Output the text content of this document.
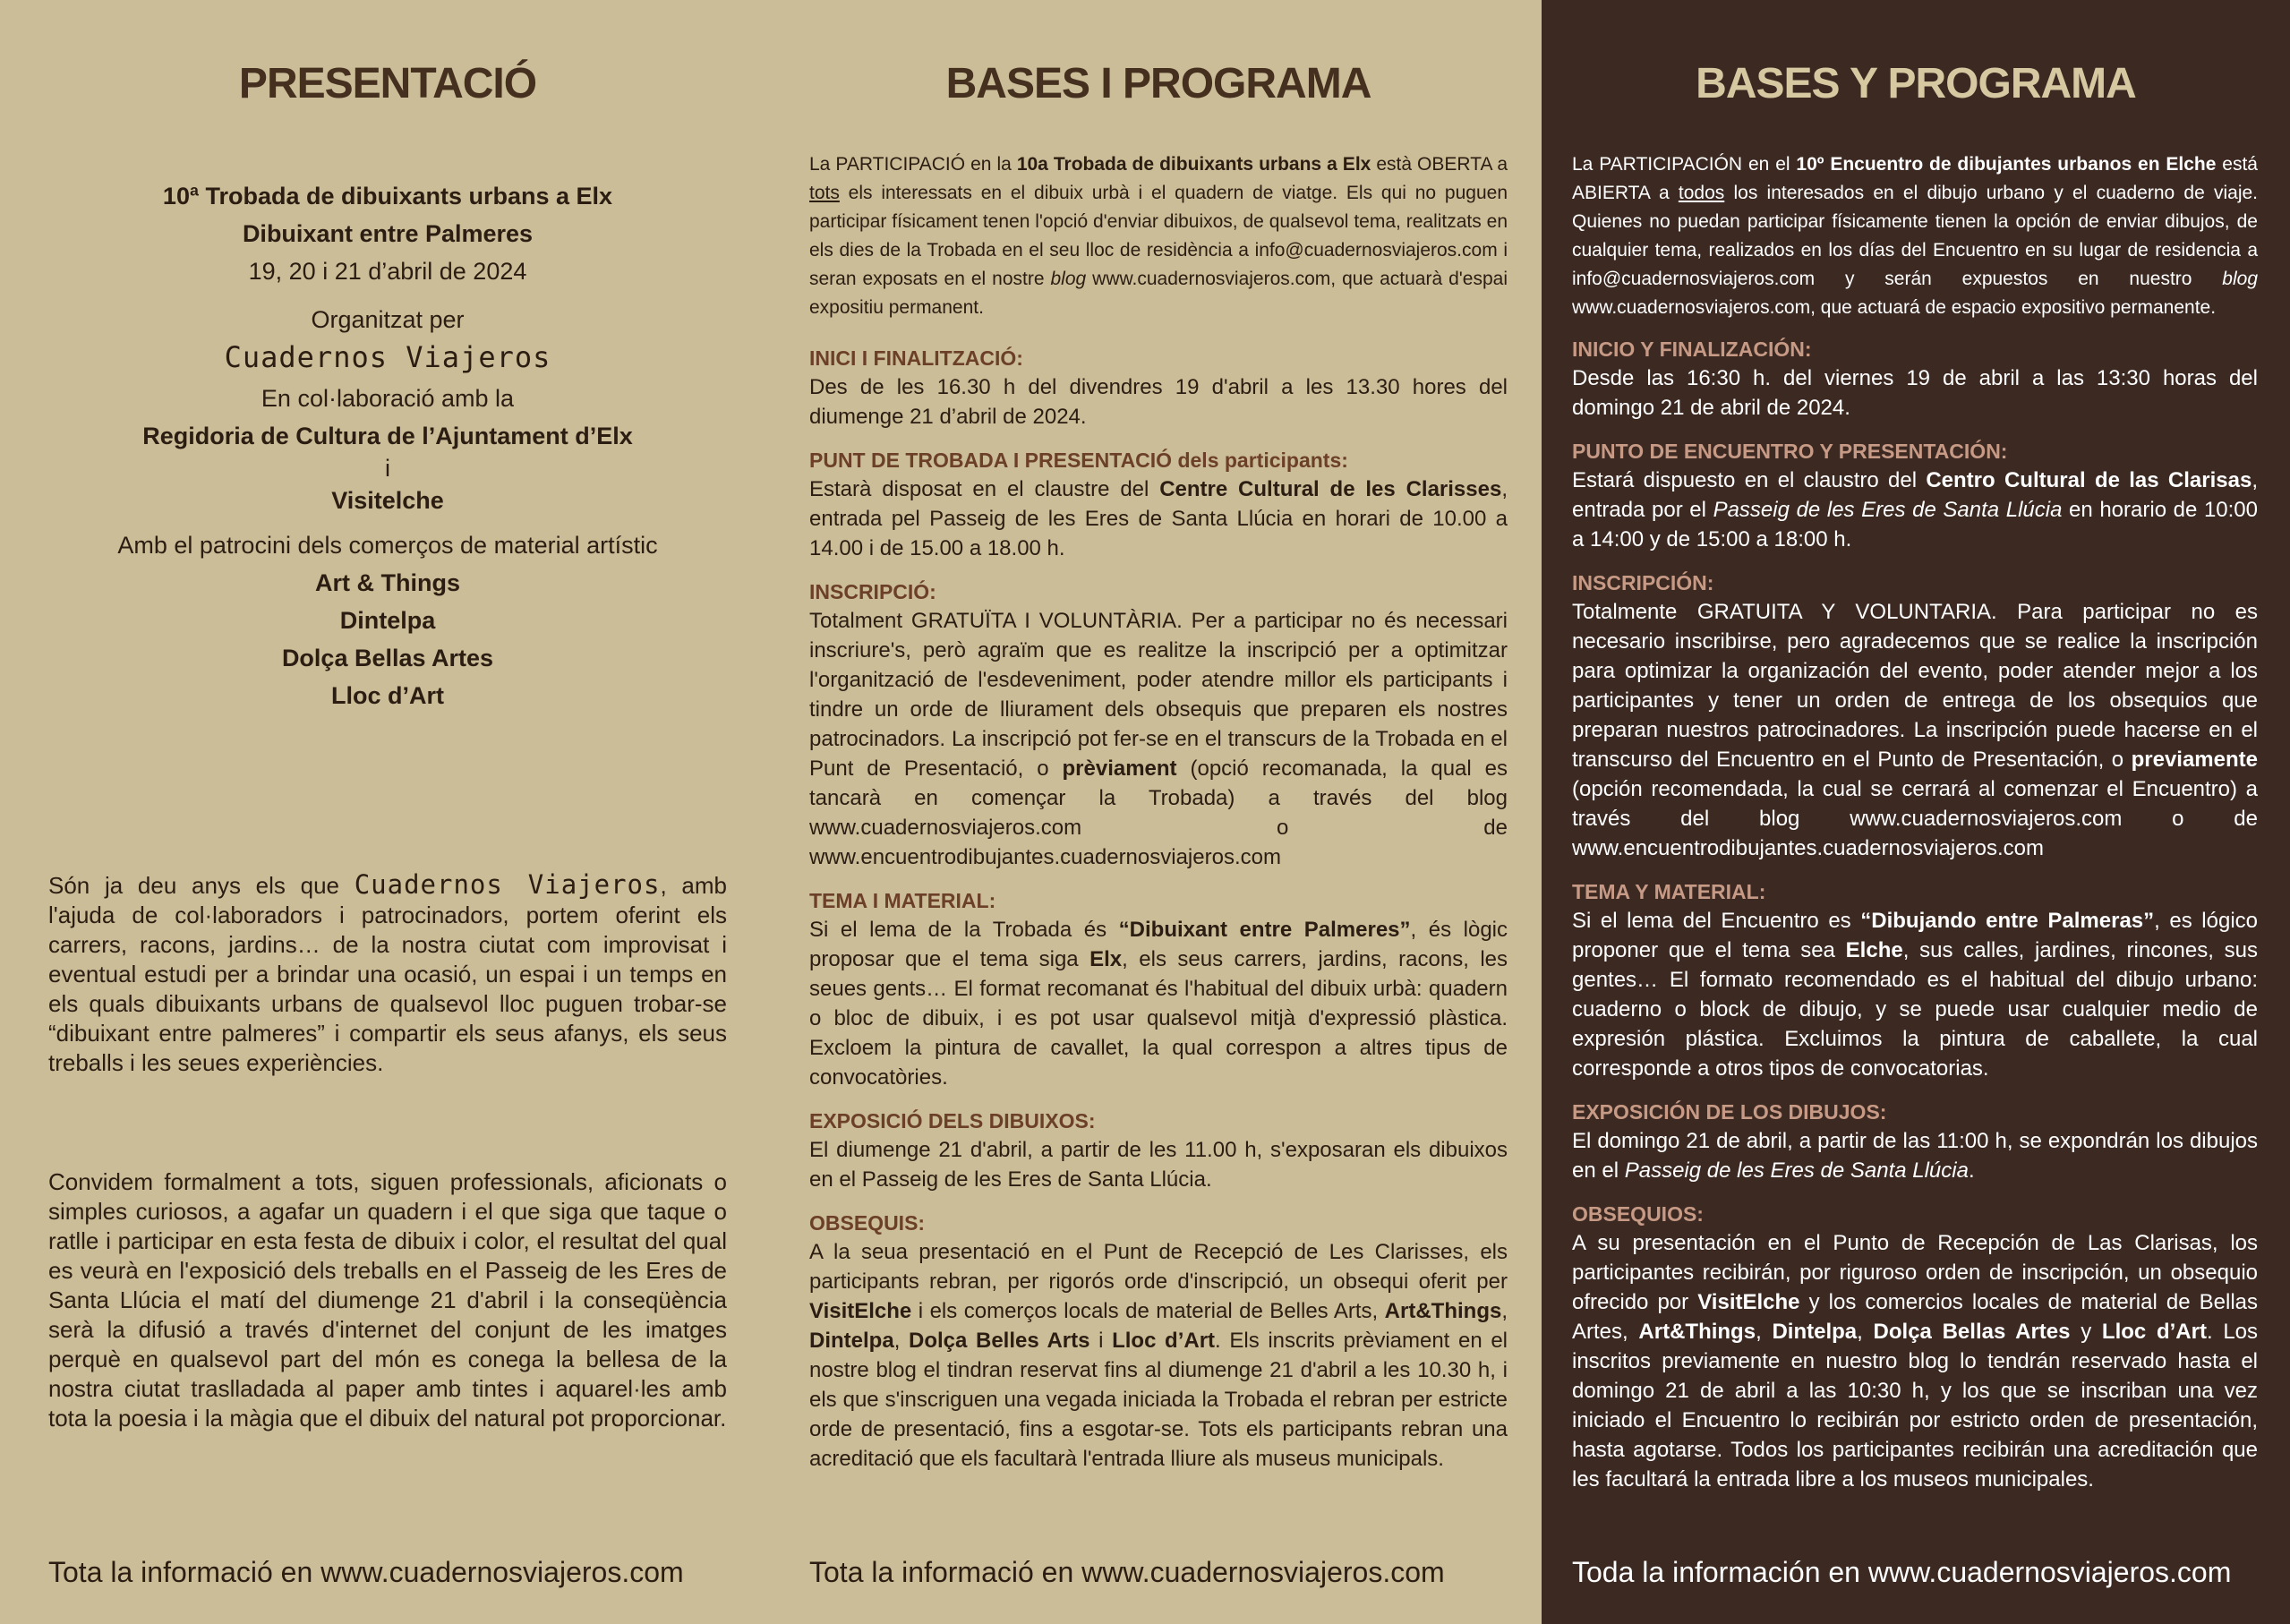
PRESENTACIÓ
10ª Trobada de dibuixants urbans a Elx
Dibuixant entre Palmeres
19, 20 i 21 d’abril de 2024
Organitzat per
Cuadernos Viajeros
En col·laboració amb la
Regidoria de Cultura de l’Ajuntament d’Elx
i
Visitelche
Amb el patrocini dels comerços de material artístic
Art & Things
Dintelpa
Dolça Bellas Artes
Lloc d’Art

Són ja deu anys els que Cuadernos Viajeros, amb l'ajuda de col·laboradors i patrocinadors, portem oferint els carrers, racons, jardins… de la nostra ciutat com improvisat i eventual estudi per a brindar una ocasió, un espai i un temps en els quals dibuixants urbans de qualsevol lloc puguen trobar-se “dibuixant entre palmeres” i compartir els seus afanys, els seus treballs i les seues experiències.

Convidem formalment a tots, siguen professionals, aficionats o simples curiosos, a agafar un quadern i el que siga que taque o ratlle i participar en esta festa de dibuix i color, el resultat del qual es veurà en l'exposició dels treballs en el Passeig de les Eres de Santa Llúcia el matí del diumenge 21 d'abril i la conseqüència serà la difusió a través d'internet del conjunt de les imatges perquè en qualsevol part del món es conega la bellesa de la nostra ciutat traslladada al paper amb tintes i aquarel·les amb tota la poesia i la màgia que el dibuix del natural pot proporcionar.

Tota la informació en www.cuadernosviajeros.com
BASES I PROGRAMA

La PARTICIPACIÓ en la 10a Trobada de dibuixants urbans a Elx està OBERTA a tots els interessats en el dibuix urbà i el quadern de viatge. Els qui no puguen participar físicament tenen l'opció d'enviar dibuixos, de qualsevol tema, realitzats en els dies de la Trobada en el seu lloc de residència a info@cuadernosviajeros.com i seran exposats en el nostre blog www.cuadernosviajeros.com, que actuarà d'espai expositiu permanent.

INICI I FINALITZACIÓ:
Des de les 16.30 h del divendres 19 d'abril a les 13.30 hores del diumenge 21 d’abril de 2024.
PUNT DE TROBADA I PRESENTACIÓ dels participants:
Estarà disposat en el claustre del Centre Cultural de les Clarisses, entrada pel Passeig de les Eres de Santa Llúcia en horari de 10.00 a 14.00 i de 15.00 a 18.00 h.
INSCRIPCIÓ:
Totalment GRATUÏTA I VOLUNTÀRIA. Per a participar no és necessari inscriure's, però agraïm que es realitze la inscripció per a optimitzar l'organització de l'esdeveniment, poder atendre millor els participants i tindre un orde de lliurament dels obsequis que preparen els nostres patrocinadors. La inscripció pot fer-se en el transcurs de la Trobada en el Punt de Presentació, o prèviament (opció recomanada, la qual es tancarà en començar la Trobada) a través del blog www.cuadernosviajeros.com o de www.encuentrodibujantes.cuadernosviajeros.com
TEMA I MATERIAL:
Si el lema de la Trobada és “Dibuixant entre Palmeres”, és lògic proposar que el tema siga Elx, els seus carrers, jardins, racons, les seues gents… El format recomanat és l'habitual del dibuix urbà: quadern o bloc de dibuix, i es pot usar qualsevol mitjà d'expressió plàstica. Excloem la pintura de cavallet, la qual correspon a altres tipus de convocatòries.
EXPOSICIÓ DELS DIBUIXOS:
El diumenge 21 d'abril, a partir de les 11.00 h, s'exposaran els dibuixos en el Passeig de les Eres de Santa Llúcia.
OBSEQUIS:
A la seua presentació en el Punt de Recepció de Les Clarisses, els participants rebran, per rigorós orde d'inscripció, un obsequi oferit per VisitElche i els comerços locals de material de Belles Arts, Art&Things, Dintelpa, Dolça Belles Arts i Lloc d’Art. Els inscrits prèviament en el nostre blog el tindran reservat fins al diumenge 21 d'abril a les 10.30 h, i els que s'inscriguen una vegada iniciada la Trobada el rebran per estricte orde de presentació, fins a esgotar-se. Tots els participants rebran una acreditació que els facultarà l'entrada lliure als museus municipals.
Tota la informació en www.cuadernosviajeros.com
BASES Y PROGRAMA

La PARTICIPACIÓN en el 10º Encuentro de dibujantes urbanos en Elche está ABIERTA a todos los interesados en el dibujo urbano y el cuaderno de viaje. Quienes no puedan participar físicamente tienen la opción de enviar dibujos, de cualquier tema, realizados en los días del Encuentro en su lugar de residencia a info@cuadernosviajeros.com y serán expuestos en nuestro blog www.cuadernosviajeros.com, que actuará de espacio expositivo permanente.

INICIO Y FINALIZACIÓN:
Desde las 16:30 h. del viernes 19 de abril a las 13:30 horas del domingo 21 de abril de 2024.
PUNTO DE ENCUENTRO Y PRESENTACIÓN:
Estará dispuesto en el claustro del Centro Cultural de las Clarisas, entrada por el Passeig de les Eres de Santa Llúcia en horario de 10:00 a 14:00 y de 15:00 a 18:00 h.
INSCRIPCIÓN:
Totalmente GRATUITA Y VOLUNTARIA. Para participar no es necesario inscribirse, pero agradecemos que se realice la inscripción para optimizar la organización del evento, poder atender mejor a los participantes y tener un orden de entrega de los obsequios que preparan nuestros patrocinadores. La inscripción puede hacerse en el transcurso del Encuentro en el Punto de Presentación, o previamente (opción recomendada, la cual se cerrará al comenzar el Encuentro) a través del blog www.cuadernosviajeros.com o de www.encuentrodibujantes.cuadernosviajeros.com
TEMA Y MATERIAL:
Si el lema del Encuentro es “Dibujando entre Palmeras”, es lógico proponer que el tema sea Elche, sus calles, jardines, rincones, sus gentes… El formato recomendado es el habitual del dibujo urbano: cuaderno o block de dibujo, y se puede usar cualquier medio de expresión plástica. Excluimos la pintura de caballete, la cual corresponde a otros tipos de convocatorias.
EXPOSICIÓN DE LOS DIBUJOS:
El domingo 21 de abril, a partir de las 11:00 h, se expondrán los dibujos en el Passeig de les Eres de Santa Llúcia.
OBSEQUIOS:
A su presentación en el Punto de Recepción de Las Clarisas, los participantes recibirán, por riguroso orden de inscripción, un obsequio ofrecido por VisitElche y los comercios locales de material de Bellas Artes, Art&Things, Dintelpa, Dolça Bellas Artes y Lloc d’Art. Los inscritos previamente en nuestro blog lo tendrán reservado hasta el domingo 21 de abril a las 10:30 h, y los que se inscriban una vez iniciado el Encuentro lo recibirán por estricto orden de presentación, hasta agotarse. Todos los participantes recibirán una acreditación que les facultará la entrada libre a los museos municipales.
Toda la información en www.cuadernosviajeros.com
